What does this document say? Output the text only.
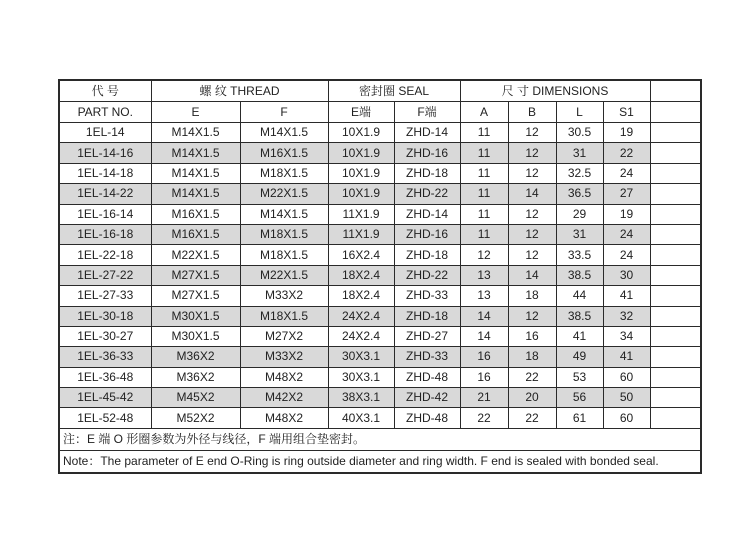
代 号	螺 纹 THREAD		密封圈 SEAL		尺 寸 DIMENSIONS				
PART NO.	E	F	E端	F端	A	B	L	S1	
1EL-14	M14X1.5	M14X1.5	10X1.9	ZHD-14	11	12	30.5	19	
1EL-14-16	M14X1.5	M16X1.5	10X1.9	ZHD-16	11	12	31	22	
1EL-14-18	M14X1.5	M18X1.5	10X1.9	ZHD-18	11	12	32.5	24	
1EL-14-22	M14X1.5	M22X1.5	10X1.9	ZHD-22	11	14	36.5	27	
1EL-16-14	M16X1.5	M14X1.5	11X1.9	ZHD-14	11	12	29	19	
1EL-16-18	M16X1.5	M18X1.5	11X1.9	ZHD-16	11	12	31	24	
1EL-22-18	M22X1.5	M18X1.5	16X2.4	ZHD-18	12	12	33.5	24	
1EL-27-22	M27X1.5	M22X1.5	18X2.4	ZHD-22	13	14	38.5	30	
1EL-27-33	M27X1.5	M33X2	18X2.4	ZHD-33	13	18	44	41	
1EL-30-18	M30X1.5	M18X1.5	24X2.4	ZHD-18	14	12	38.5	32	
1EL-30-27	M30X1.5	M27X2	24X2.4	ZHD-27	14	16	41	34	
1EL-36-33	M36X2	M33X2	30X3.1	ZHD-33	16	18	49	41	
1EL-36-48	M36X2	M48X2	30X3.1	ZHD-48	16	22	53	60	
1EL-45-42	M45X2	M42X2	38X3.1	ZHD-42	21	20	56	50	
1EL-52-48	M52X2	M48X2	40X3.1	ZHD-48	22	22	61	60	
注：E 端 O 形圈参数为外径与线径，F 端用组合垫密封。									
Note：The parameter of E end O-Ring is ring outside diameter and ring width. F end is sealed with bonded seal.									
